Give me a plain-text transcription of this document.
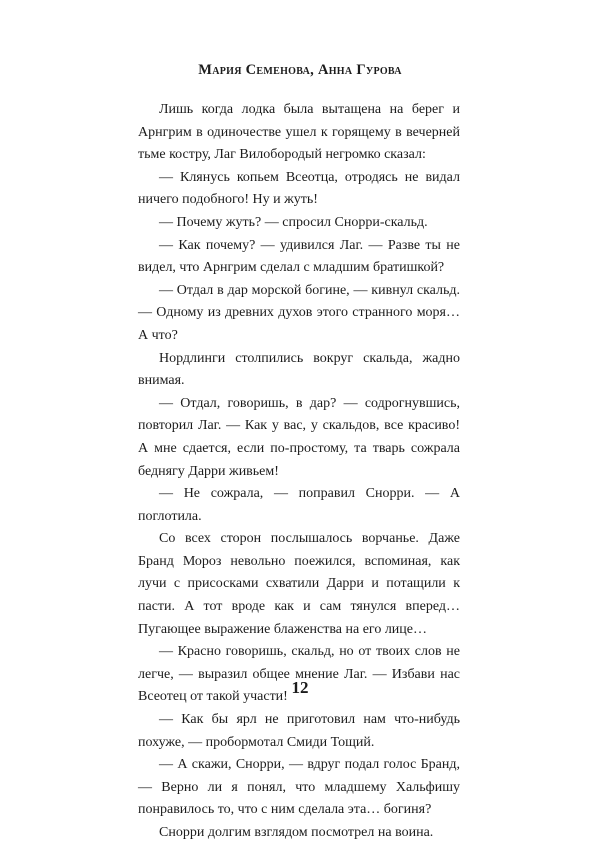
Мария Семенова, Анна Гурова

Лишь когда лодка была вытащена на берег и Арнгрим в одиночестве ушел к горящему в вечерней тьме костру, Лаг Вилобородый негромко сказал:

— Клянусь копьем Всеотца, отродясь не видал ничего подобного! Ну и жуть!

— Почему жуть? — спросил Снорри-скальд.

— Как почему? — удивился Лаг. — Разве ты не видел, что Арнгрим сделал с младшим братишкой?

— Отдал в дар морской богине, — кивнул скальд. — Одному из древних духов этого странного моря… А что?

Нордлинги столпились вокруг скальда, жадно внимая.

— Отдал, говоришь, в дар? — содрогнувшись, повторил Лаг. — Как у вас, у скальдов, все красиво! А мне сдается, если по-простому, та тварь сожрала беднягу Дарри живьем!

— Не сожрала, — поправил Снорри. — А поглотила.

Со всех сторон послышалось ворчанье. Даже Бранд Мороз невольно поежился, вспоминая, как лучи с присосками схватили Дарри и потащили к пасти. А тот вроде как и сам тянулся вперед… Пугающее выражение блаженства на его лице…

— Красно говоришь, скальд, но от твоих слов не легче, — выразил общее мнение Лаг. — Избави нас Всеотец от такой участи!

— Как бы ярл не приготовил нам что-нибудь похуже, — пробормотал Смиди Тощий.

— А скажи, Снорри, — вдруг подал голос Бранд, — Верно ли я понял, что младшему Хальфишу понравилось то, что с ним сделала эта… богиня?

Снорри долгим взглядом посмотрел на воина.

12
